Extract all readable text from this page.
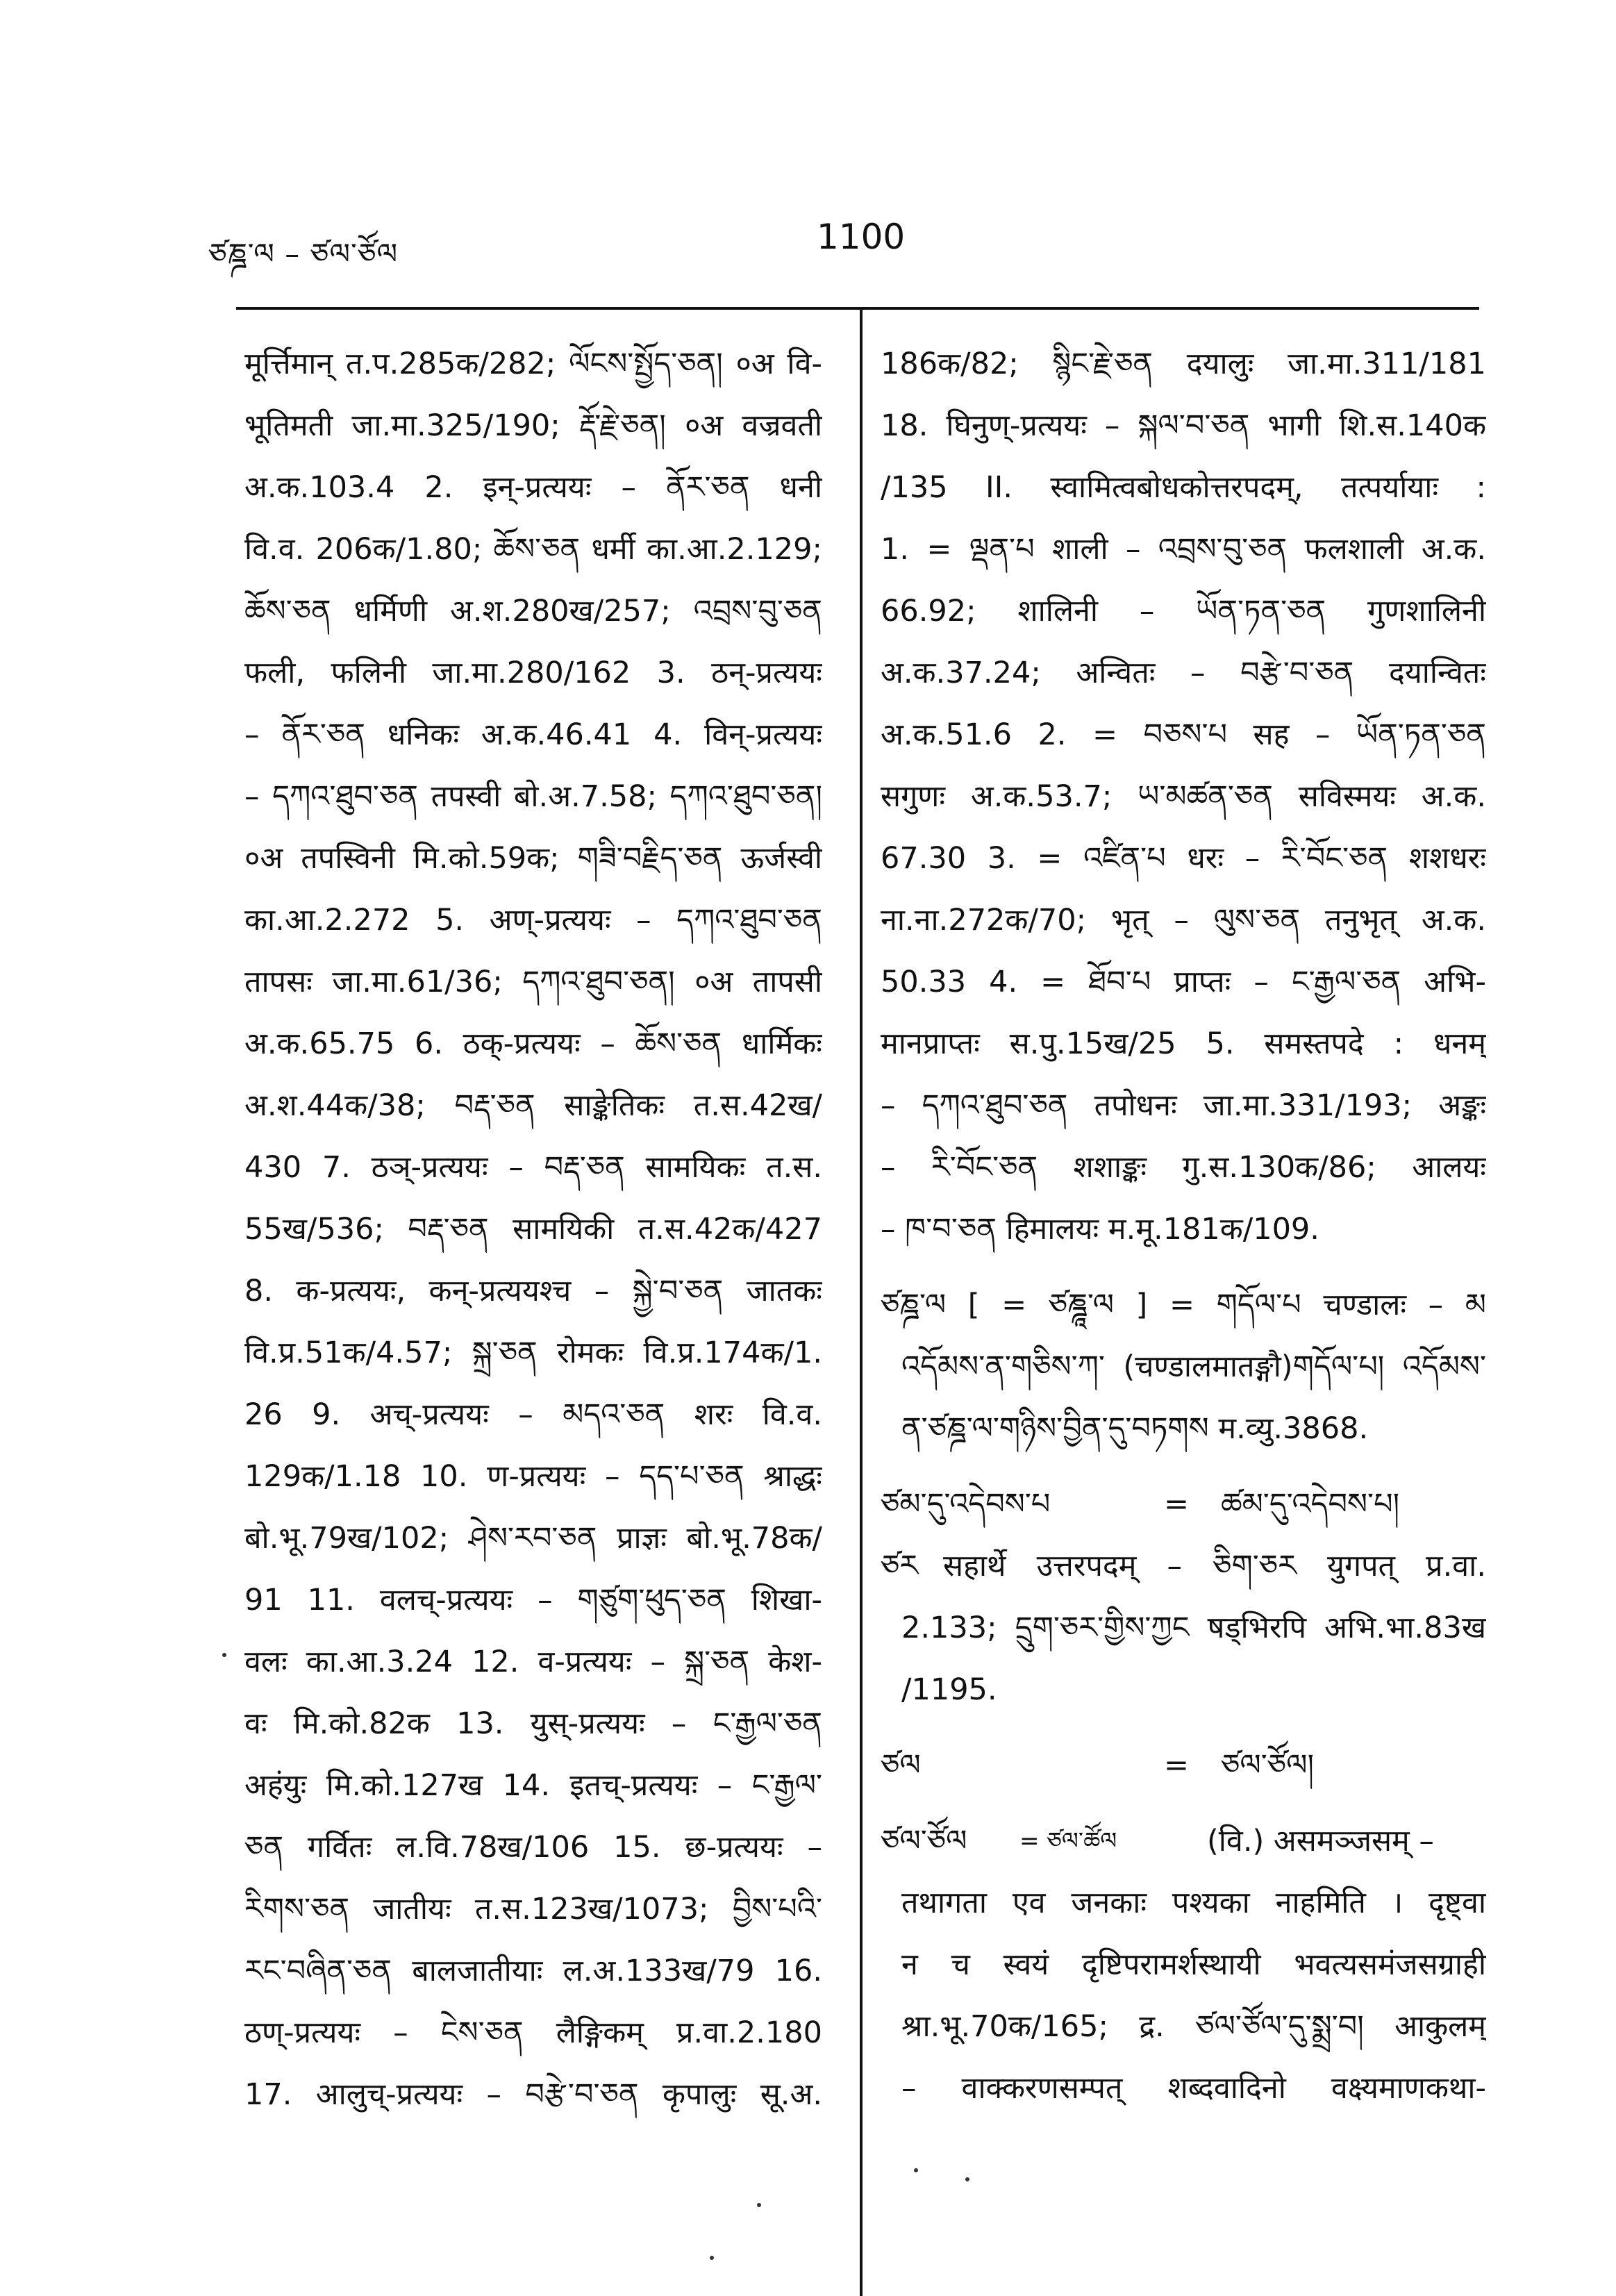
ཙཎྜ་ལ – ཙལ་ཙོལ	1100
मूर्त्तिमान् त.प.285क/282; ལོངས་སྤྱོད་ཅན། ०अ वि-
भूतिमती जा.मा.325/190; རྡོ་རྗེ་ཅན། ०अ वज्रवती
अ.क.103.4 2. इन्-प्रत्ययः – ནོར་ཅན धनी
वि.व. 206क/1.80; ཆོས་ཅན धर्मी का.आ.2.129;
ཆོས་ཅན धर्मिणी अ.श.280ख/257; འབྲས་བུ་ཅན
फली, फलिनी जा.मा.280/162 3. ठन्-प्रत्ययः
– ནོར་ཅན धनिकः अ.क.46.41 4. विन्-प्रत्ययः
– དཀའ་ཐུབ་ཅན तपस्वी बो.अ.7.58; དཀའ་ཐུབ་ཅན།
०अ तपस्विनी मि.को.59क; གཟི་བརྗིད་ཅན ऊर्जस्वी
का.आ.2.272 5. अण्-प्रत्ययः – དཀའ་ཐུབ་ཅན
तापसः जा.मा.61/36; དཀའ་ཐུབ་ཅན། ०अ तापसी
अ.क.65.75 6. ठक्-प्रत्ययः – ཆོས་ཅན धार्मिकः
अ.श.44क/38; བརྡ་ཅན साङ्केतिकः त.स.42ख/
430 7. ठञ्-प्रत्ययः – བརྡ་ཅན सामयिकः त.स.
55ख/536; བརྡ་ཅན सामयिकी त.स.42क/427
8. क-प्रत्ययः, कन्-प्रत्ययश्च – སྐྱེ་བ་ཅན जातकः
वि.प्र.51क/4.57; སྐྲ་ཅན रोमकः वि.प्र.174क/1.
26 9. अच्-प्रत्ययः – མདའ་ཅན शरः वि.व.
129क/1.18 10. ण-प्रत्ययः – དད་པ་ཅན श्राद्धः
बो.भू.79ख/102; ཤེས་རབ་ཅན प्राज्ञः बो.भू.78क/
91 11. वलच्-प्रत्ययः – གཙུག་ཕུད་ཅན शिखा-
वलः का.आ.3.24 12. व-प्रत्ययः – སྐྲ་ཅན केश-
वः मि.को.82क 13. युस्-प्रत्ययः – ང་རྒྱལ་ཅན
अहंयुः मि.को.127ख 14. इतच्-प्रत्ययः – ང་རྒྱལ་
ཅན गर्वितः ल.वि.78ख/106 15. छ-प्रत्ययः –
རིགས་ཅན जातीयः त.स.123ख/1073; བྱིས་པའི་
རང་བཞིན་ཅན बालजातीयाः ल.अ.133ख/79 16.
ठण्-प्रत्ययः – ངེས་ཅན लैङ्गिकम् प्र.वा.2.180
17. आलुच्-प्रत्ययः – བརྩེ་བ་ཅན कृपालुः सू.अ.
186क/82; སྙིང་རྗེ་ཅན दयालुः जा.मा.311/181
18. घिनुण्-प्रत्ययः – སྐལ་བ་ཅན भागी शि.स.140क
/135 II. स्वामित्वबोधकोत्तरपदम्, तत्पर्यायाः :
1. = ལྡན་པ शाली – འབྲས་བུ་ཅན फलशाली अ.क.
66.92; शालिनी – ཡོན་ཏན་ཅན गुणशालिनी
अ.क.37.24; अन्वितः – བརྩེ་བ་ཅན दयान्वितः
अ.क.51.6 2. = བཅས་པ सह – ཡོན་ཏན་ཅན
सगुणः अ.क.53.7; ཡ་མཚན་ཅན सविस्मयः अ.क.
67.30 3. = འཛིན་པ धरः – རི་བོང་ཅན शशधरः
ना.ना.272क/70; भृत् – ལུས་ཅན तनुभृत् अ.क.
50.33 4. = ཐོབ་པ प्राप्तः – ང་རྒྱལ་ཅན अभि-
मानप्राप्तः स.पु.15ख/25 5. समस्तपदे : धनम्
– དཀའ་ཐུབ་ཅན तपोधनः जा.मा.331/193; अङ्कः
– རི་བོང་ཅན शशाङ्कः गु.स.130क/86; आलयः
– ཁ་བ་ཅན हिमालयः म.मू.181क/109.
ཙཎྜ་ལ [ = ཙཎྜཱ་ལ ] = གདོལ་པ चण्डालः – མ
འདོམས་ན་གཅིས་ཀ་ (चण्डालमातङ्गौ)གདོལ་པ། འདོམས་
ན་ཙཎྜ་ལ་གཉིས་བྱིན་དུ་བཏགས म.व्यु.3868.
ཙམ་དུ་འདེབས་པ	= ཚམ་དུ་འདེབས་པ།
ཙར सहार्थे उत्तरपदम् – ཅིག་ཅར युगपत् प्र.वा.
2.133; དྲུག་ཅར་གྱིས་ཀྱང षड्भिरपि अभि.भा.83ख
/1195.
ཙལ	= ཙལ་ཙོལ།
ཙལ་ཙོལ = ཙལ་ཚོལ	(वि.) असमञ्जसम् –
तथागता एव जनकाः पश्यका नाहमिति । दृष्ट्वा
न च स्वयं दृष्टिपरामर्शस्थायी भवत्यसमंजसग्राही
श्रा.भू.70क/165; द्र. ཙལ་ཙོལ་དུ་སྨྲ་བ། आकुलम्
– वाक्करणसम्पत् शब्दवादिनो वक्ष्यमाणकथा-
